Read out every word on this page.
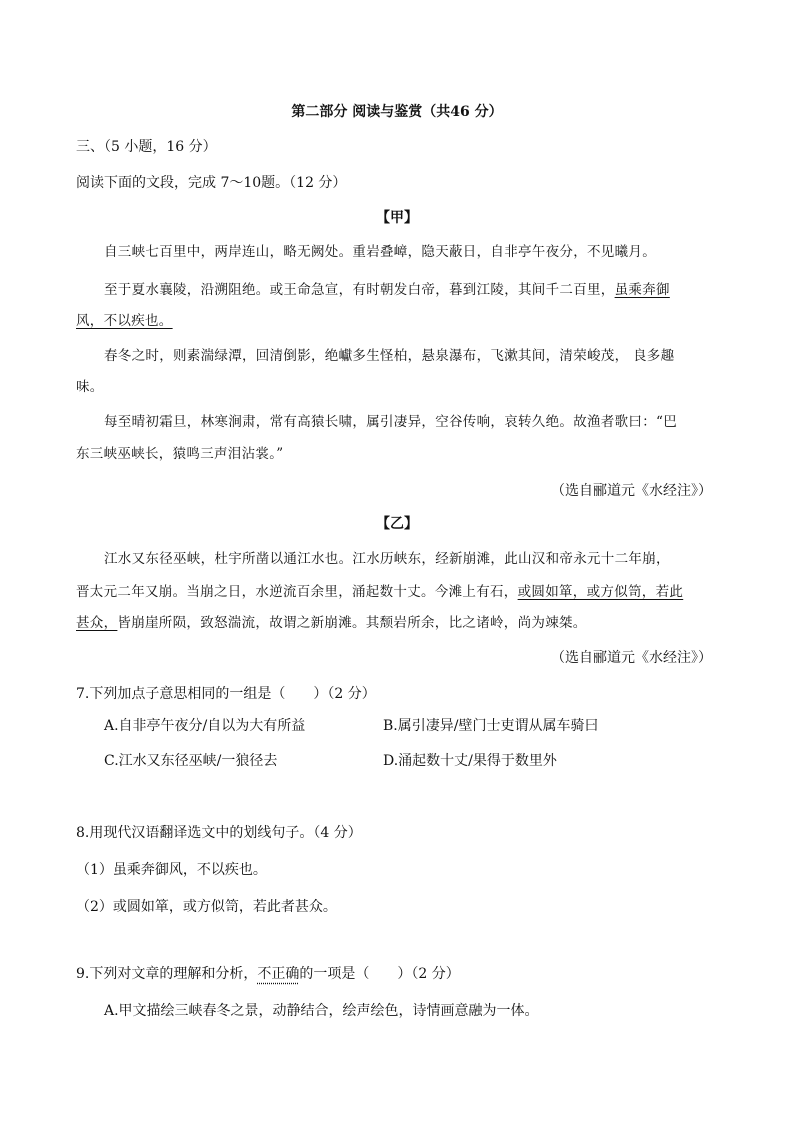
第二部分 阅读与鉴赏（共46 分）
三、（5 小题，16 分）
阅读下面的文段，完成 7～10题。（12 分）
【甲】
自三峡七百里中，两岸连山，略无阙处。重岩叠嶂，隐天蔽日，自非亭午夜分，不见曦月。
至于夏水襄陵，沿溯阻绝。或王命急宣，有时朝发白帝，暮到江陵，其间千二百里，虽乘奔御
风，不以疾也。
春冬之时，则素湍绿潭，回清倒影，绝巘多生怪柏，悬泉瀑布，飞漱其间，清荣峻茂， 良多趣
味。
每至晴初霜旦，林寒涧肃，常有高猿长啸，属引凄异，空谷传响，哀转久绝。故渔者歌曰：“巴
东三峡巫峡长，猿鸣三声泪沾裳。”
（选自郦道元《水经注》）
【乙】
江水又东径巫峡，杜宇所凿以通江水也。江水历峡东，经新崩滩，此山汉和帝永元十二年崩，
晋太元二年又崩。当崩之日，水逆流百余里，涌起数十丈。今滩上有石，或圆如箪，或方似笥，若此
甚众，皆崩崖所陨，致怒湍流，故谓之新崩滩。其颓岩所余，比之诸岭，尚为竦桀。
（选自郦道元《水经注》）
7.下列加点子意思相同的一组是（　　）（2 分）
A.自非亭午夜分/自以为大有所益	B.属引凄异/壁门士吏谓从属车骑曰
C.江水又东径巫峡/一狼径去	D.涌起数十丈/果得于数里外
8.用现代汉语翻译选文中的划线句子。（4 分）
（1）虽乘奔御风，不以疾也。
（2）或圆如箪，或方似笥，若此者甚众。
9.下列对文章的理解和分析，不正确的一项是（　　）（2 分）
A.甲文描绘三峡春冬之景，动静结合，绘声绘色，诗情画意融为一体。
